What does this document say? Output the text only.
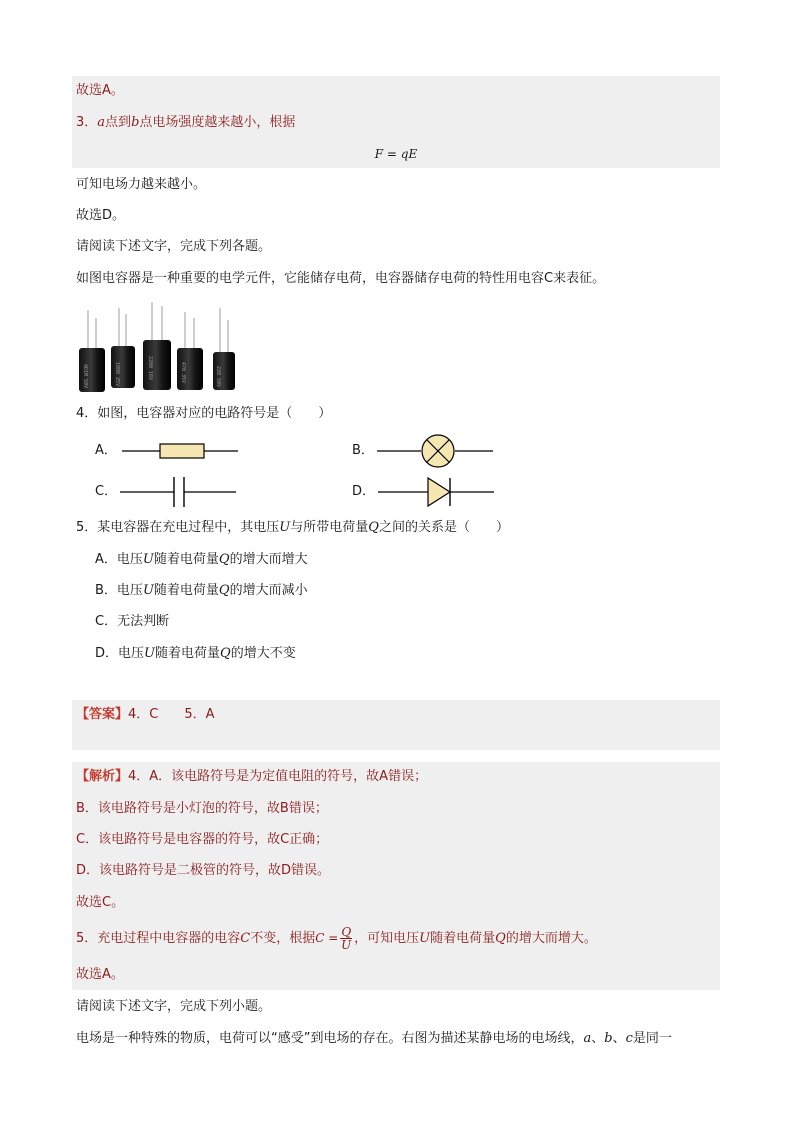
故选A。
3．a点到b点电场强度越来越小，根据
F = qE
可知电场力越来越小。
故选D。
请阅读下述文字，完成下列各题。
如图电容器是一种重要的电学元件，它能储存电荷，电容器储存电荷的特性用电容C来表征。
4D1M 50V	1000 25V	2200 16V	470 35V	220 50V
4．如图，电容器对应的电路符号是（　　）
A．	B．
C．	D．
5．某电容器在充电过程中，其电压U与所带电荷量Q之间的关系是（　　）
A．电压U随着电荷量Q的增大而增大
B．电压U随着电荷量Q的增大而减小
C．无法判断
D．电压U随着电荷量Q的增大不变
【答案】4．C　　5．A
【解析】4．A．该电路符号是为定值电阻的符号，故A错误；
B．该电路符号是小灯泡的符号，故B错误；
C．该电路符号是电容器的符号，故C正确；
D．该电路符号是二极管的符号，故D错误。
故选C。
5．充电过程中电容器的电容C不变，根据$C = \frac{Q}{U}$ ，可知电压U随着电荷量Q的增大而增大。
故选A。
请阅读下述文字，完成下列小题。
电场是一种特殊的物质，电荷可以“感受”到电场的存在。右图为描述某静电场的电场线，a、b、c是同一
